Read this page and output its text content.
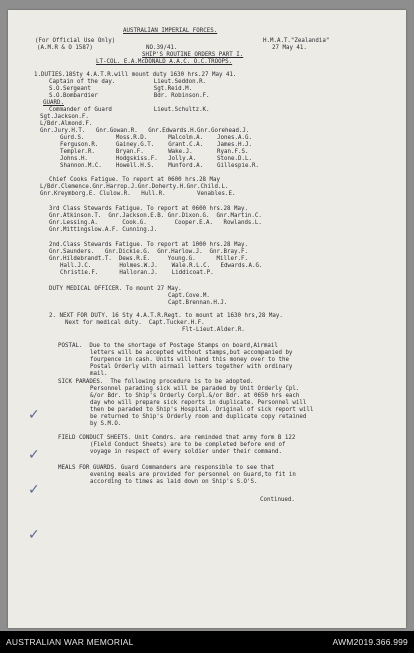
AUSTRALIAN IMPERIAL FORCES.
(For Official Use Only)	H.M.A.T."Zealandia"
(A.M.R & O 1587)	NO.39/41.	27 May 41.
SHIP'S ROUTINE ORDERS PART I.
LT-COL. E.A.McDONALD A.A.C. O.C.TROOPS.
1.DUTIES.18Sty 4.A.T.R.will mount duty 1630 hrs.27 May 41.
Captain of the day.           Lieut.Seddon.R.
S.O.Sergeant                  Sgt.Reid.M.
S.O.Bombardier                Bdr. Robinson.F.
GUARD.
Commander of Guard            Lieut.Schultz.K.
Sgt.Jackson.F.
L/Bdr.Almond.F.
Gnr.Jury.H.T.   Gnr.Gowan.R.   Gnr.Edwards.H.Gnr.Gorehead.J.
Gurd.S.         Moss.R.D.      Malcolm.A.    Jones.A.G.
Ferguson.R.     Gainey.G.T.    Grant.C.A.    James.H.J.
Templer.R.      Bryan.F.       Wake.J.       Ryan.F.S.
Johns.H.        Hodgskiss.F.   Jolly.A.      Stone.D.L.
Shannon.M.C.    Howell.H.S.    Munford.A.    Gillespie.R.
Chief Cooks Fatigue. To report at 0600 hrs.28 May
L/Bdr.Clemence.Gnr.Harrop.J.Gnr.Doherty.H.Gnr.Child.L.
Gnr.Kreymborg.E. Clulow.R.   Hull.R.         Venables.E.
3rd Class Stewards Fatigue. To report at 0600 hrs.28 May.
Gnr.Atkinson.T.  Gnr.Jackson.E.B. Gnr.Dixon.G.  Gnr.Martin.C.
Gnr.Lessing.A.       Cook.G.        Cooper.E.A.   Rowlands.L.
Gnr.Mittingslow.A.F. Cunning.J.
2nd.Class Stewards Fatigue. To report at 1000 hrs.28 May.
Gnr.Saunders.   Gnr.Dickie.G.  Gnr.Harlow.J.  Gnr.Bray.F.
Gnr.Hildebrandt.T.  Dews.R.E.     Young.G.      Miller.F.
Hall.J.C.        Holmes.W.J.    Wale.R.L.C.   Edwards.A.G.
Christie.F.      Halloran.J.    Liddicoat.P.
DUTY MEDICAL OFFICER. To mount 27 May.
Capt.Cove.M.
Capt.Brennan.H.J.
2. NEXT FOR DUTY. 16 Sty 4.A.T.R.Regt. to mount at 1630 hrs,28 May.
Next for medical duty.  Capt.Tucker.H.F.
Flt-Lieut.Alder.R.
POSTAL.  Due to the shortage of Postage Stamps on board,Airmail
letters will be accepted without stamps,but accompanied by
fourpence in cash. Units will hand this money over to the
Postal Orderly with airmail letters together with ordinary
mail.
SICK PARADES.  The following procedure is to be adopted.
Personnel parading sick will be paraded by Unit Orderly Cpl.
&/or Bdr. to Ship's Orderly Corpl.&/or Bdr. at 0650 hrs each
day who will prepare sick reports in duplicate. Personnel will
then be paraded to Ship's Hospital. Original of sick report will
be returned to Ship's Orderly room and duplicate copy retained
by S.M.O.
FIELD CONDUCT SHEETS. Unit Comdrs. are reminded that army form B 122
(Field Conduct Sheets) are to be completed before end of
voyage in respect of every soldier under their command.
MEALS FOR GUARDS. Guard Commanders are responsible to see that
evening meals are provided for personnel on Guard,to fit in
according to times as laid down on Ship's S.O'S.
Continued.
✓
✓
✓
✓
AUSTRALIAN WAR MEMORIAL	AWM2019.366.999
